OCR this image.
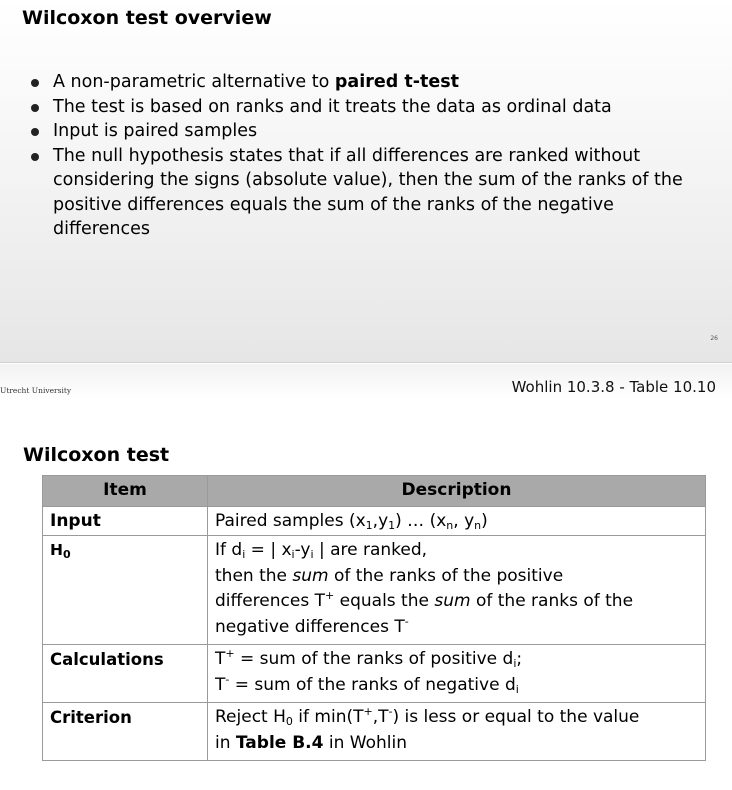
Wilcoxon test overview
A non-parametric alternative to paired t-test
The test is based on ranks and it treats the data as ordinal data
Input is paired samples
The null hypothesis states that if all differences are ranked without considering the signs (absolute value), then the sum of the ranks of the positive differences equals the sum of the ranks of the negative differences
26
Utrecht University	Wohlin 10.3.8 - Table 10.10
Wilcoxon test
Item	Description
Input	Paired samples $(x_1,y_1)$ … ($x_n$, $y_n$)
$H_0$	If $d_i$ = | $x_i-y_i$ | are ranked,
then the sum of the ranks of the positive
differences T+ equals the sum of the ranks of the
negative differences T-

Calculations	T+ = sum of the ranks of positive $d_i$;
T- = sum of the ranks of negative $d_i$

Criterion	Reject $H_0$ if min(T+,T-) is less or equal to the value
in Table B.4 in Wohlin
